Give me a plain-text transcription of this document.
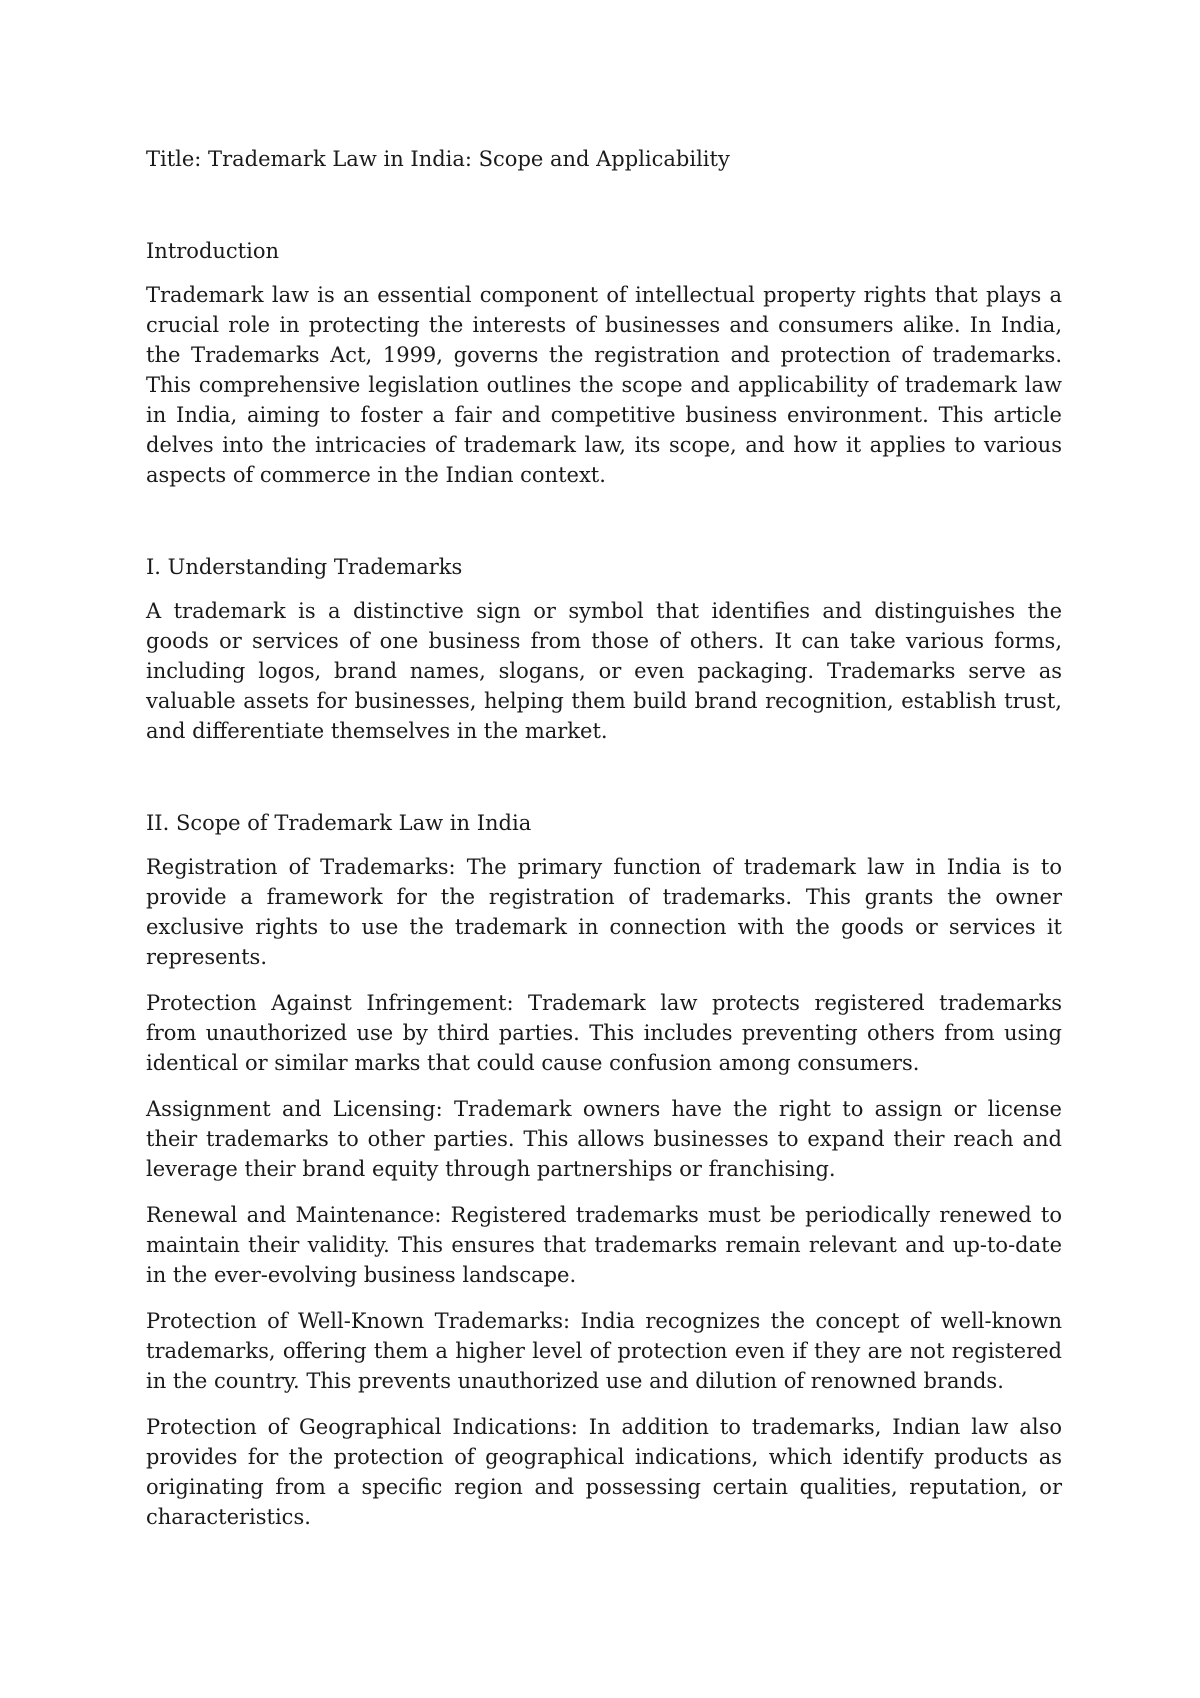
Title: Trademark Law in India: Scope and Applicability

Introduction

Trademark law is an essential component of intellectual property rights that plays a crucial role in protecting the interests of businesses and consumers alike. In India, the Trademarks Act, 1999, governs the registration and protection of trademarks. This comprehensive legislation outlines the scope and applicability of trademark law in India, aiming to foster a fair and competitive business environment. This article delves into the intricacies of trademark law, its scope, and how it applies to various aspects of commerce in the Indian context.

I. Understanding Trademarks

A trademark is a distinctive sign or symbol that identifies and distinguishes the goods or services of one business from those of others. It can take various forms, including logos, brand names, slogans, or even packaging. Trademarks serve as valuable assets for businesses, helping them build brand recognition, establish trust, and differentiate themselves in the market.

II. Scope of Trademark Law in India

Registration of Trademarks: The primary function of trademark law in India is to provide a framework for the registration of trademarks. This grants the owner exclusive rights to use the trademark in connection with the goods or services it represents.

Protection Against Infringement: Trademark law protects registered trademarks from unauthorized use by third parties. This includes preventing others from using identical or similar marks that could cause confusion among consumers.

Assignment and Licensing: Trademark owners have the right to assign or license their trademarks to other parties. This allows businesses to expand their reach and leverage their brand equity through partnerships or franchising.

Renewal and Maintenance: Registered trademarks must be periodically renewed to maintain their validity. This ensures that trademarks remain relevant and up-to-date in the ever-evolving business landscape.

Protection of Well-Known Trademarks: India recognizes the concept of well-known trademarks, offering them a higher level of protection even if they are not registered in the country. This prevents unauthorized use and dilution of renowned brands.

Protection of Geographical Indications: In addition to trademarks, Indian law also provides for the protection of geographical indications, which identify products as originating from a specific region and possessing certain qualities, reputation, or characteristics.
